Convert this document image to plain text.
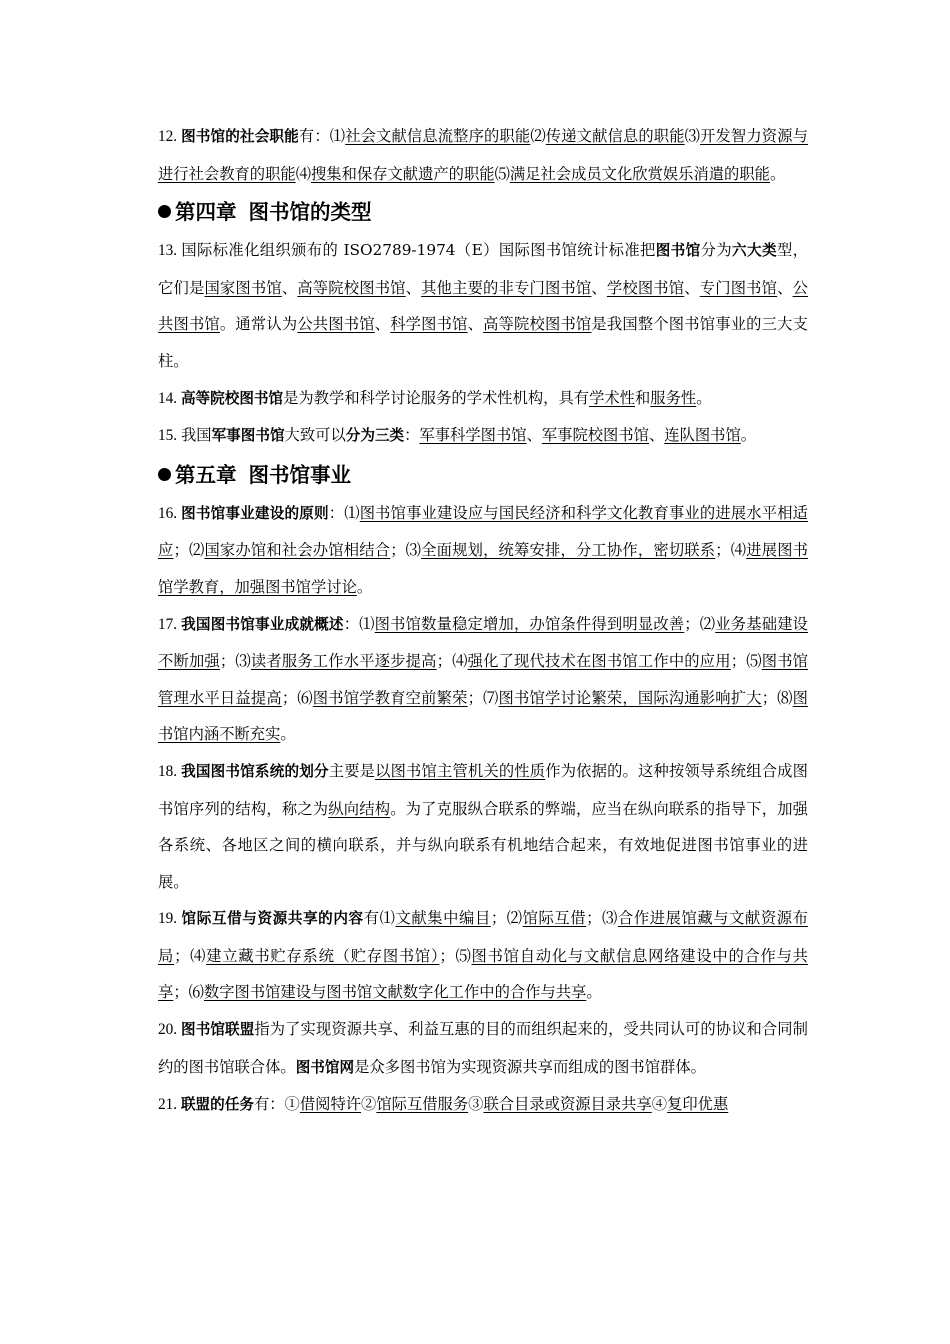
12. 图书馆的社会职能有：⑴社会文献信息流整序的职能⑵传递文献信息的职能⑶开发智力资源与进行社会教育的职能⑷搜集和保存文献遗产的职能⑸满足社会成员文化欣赏娱乐消遣的职能。

第四章 图书馆的类型

13. 国际标准化组织颁布的 ISO2789-1974（E）国际图书馆统计标准把图书馆分为六大类型，它们是国家图书馆、高等院校图书馆、其他主要的非专门图书馆、学校图书馆、专门图书馆、公共图书馆。通常认为公共图书馆、科学图书馆、高等院校图书馆是我国整个图书馆事业的三大支柱。

14. 高等院校图书馆是为教学和科学讨论服务的学术性机构，具有学术性和服务性。

15. 我国军事图书馆大致可以分为三类：军事科学图书馆、军事院校图书馆、连队图书馆。

第五章 图书馆事业

16. 图书馆事业建设的原则：⑴图书馆事业建设应与国民经济和科学文化教育事业的进展水平相适应；⑵国家办馆和社会办馆相结合；⑶全面规划，统筹安排，分工协作，密切联系；⑷进展图书馆学教育，加强图书馆学讨论。

17. 我国图书馆事业成就概述：⑴图书馆数量稳定增加，办馆条件得到明显改善；⑵业务基础建设不断加强；⑶读者服务工作水平逐步提高；⑷强化了现代技术在图书馆工作中的应用；⑸图书馆管理水平日益提高；⑹图书馆学教育空前繁荣；⑺图书馆学讨论繁荣，国际沟通影响扩大；⑻图书馆内涵不断充实。

18. 我国图书馆系统的划分主要是以图书馆主管机关的性质作为依据的。这种按领导系统组合成图书馆序列的结构，称之为纵向结构。为了克服纵合联系的弊端，应当在纵向联系的指导下，加强各系统、各地区之间的横向联系，并与纵向联系有机地结合起来，有效地促进图书馆事业的进展。

19. 馆际互借与资源共享的内容有⑴文献集中编目；⑵馆际互借；⑶合作进展馆藏与文献资源布局；⑷建立藏书贮存系统（贮存图书馆）；⑸图书馆自动化与文献信息网络建设中的合作与共享；⑹数字图书馆建设与图书馆文献数字化工作中的合作与共享。

20. 图书馆联盟指为了实现资源共享、利益互惠的目的而组织起来的，受共同认可的协议和合同制约的图书馆联合体。图书馆网是众多图书馆为实现资源共享而组成的图书馆群体。

21. 联盟的任务有：①借阅特许②馆际互借服务③联合目录或资源目录共享④复印优惠
